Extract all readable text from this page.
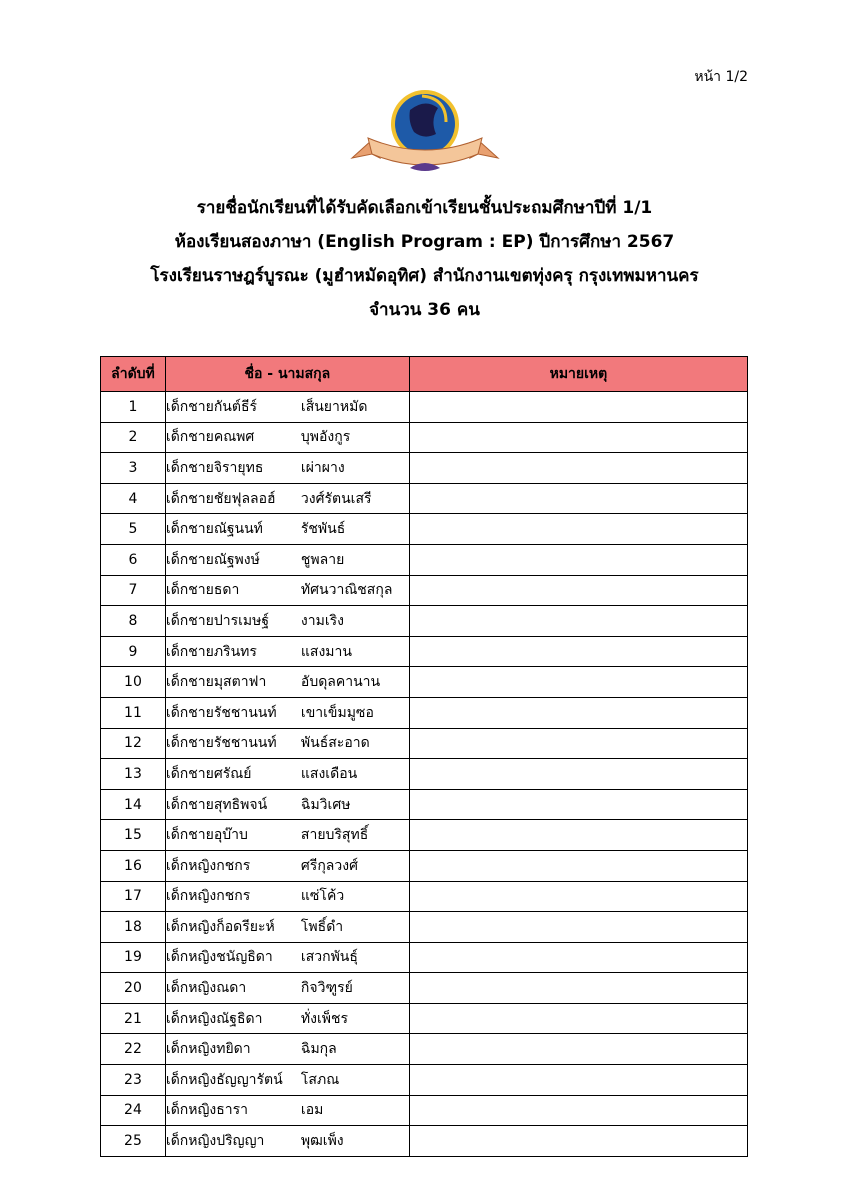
หน้า 1/2
รายชื่อนักเรียนที่ได้รับคัดเลือกเข้าเรียนชั้นประถมศึกษาปีที่ 1/1
ห้องเรียนสองภาษา (English Program : EP) ปีการศึกษา 2567
โรงเรียนราษฎร์บูรณะ (มูฮำหมัดอุทิศ) สำนักงานเขตทุ่งครุ กรุงเทพมหานคร
จำนวน 36 คน
ลำดับที่	ชื่อ - นามสกุล	หมายเหตุ
1	เด็กชายกันต์ธีร์ เส็นยาหมัด	
2	เด็กชายคณพศ บุพอังกูร	
3	เด็กชายจิรายุทธ เผ่าผาง	
4	เด็กชายชัยฟุลลอฮ์ วงศ์รัตนเสรี	
5	เด็กชายณัฐนนท์ รัชพันธ์	
6	เด็กชายณัฐพงษ์ ชูพลาย	
7	เด็กชายธดา ทัศนวาณิชสกุล	
8	เด็กชายปารเมษฐ์ งามเริง	
9	เด็กชายภรินทร แสงมาน	
10	เด็กชายมุสตาฟา อับดุลคานาน	
11	เด็กชายรัชชานนท์ เขาเข็มมูซอ	
12	เด็กชายรัชชานนท์ พันธ์สะอาด	
13	เด็กชายศรัณย์ แสงเดือน	
14	เด็กชายสุทธิพจน์ ฉิมวิเศษ	
15	เด็กชายอุบ๊าบ สายบริสุทธิ์	
16	เด็กหญิงกชกร ศรีกุลวงศ์	
17	เด็กหญิงกชกร แซ่โค้ว	
18	เด็กหญิงก็อดรียะห์ โพธิ์ดำ	
19	เด็กหญิงชนัญธิดา เสวกพันธุ์	
20	เด็กหญิงณดา กิจวิฑูรย์	
21	เด็กหญิงณัฐธิดา ทั่งเพ็ชร	
22	เด็กหญิงทยิดา ฉิมกุล	
23	เด็กหญิงธัญญารัตน์ โสภณ	
24	เด็กหญิงธารา เอม	
25	เด็กหญิงปริญญา พุฒเพ็ง	
